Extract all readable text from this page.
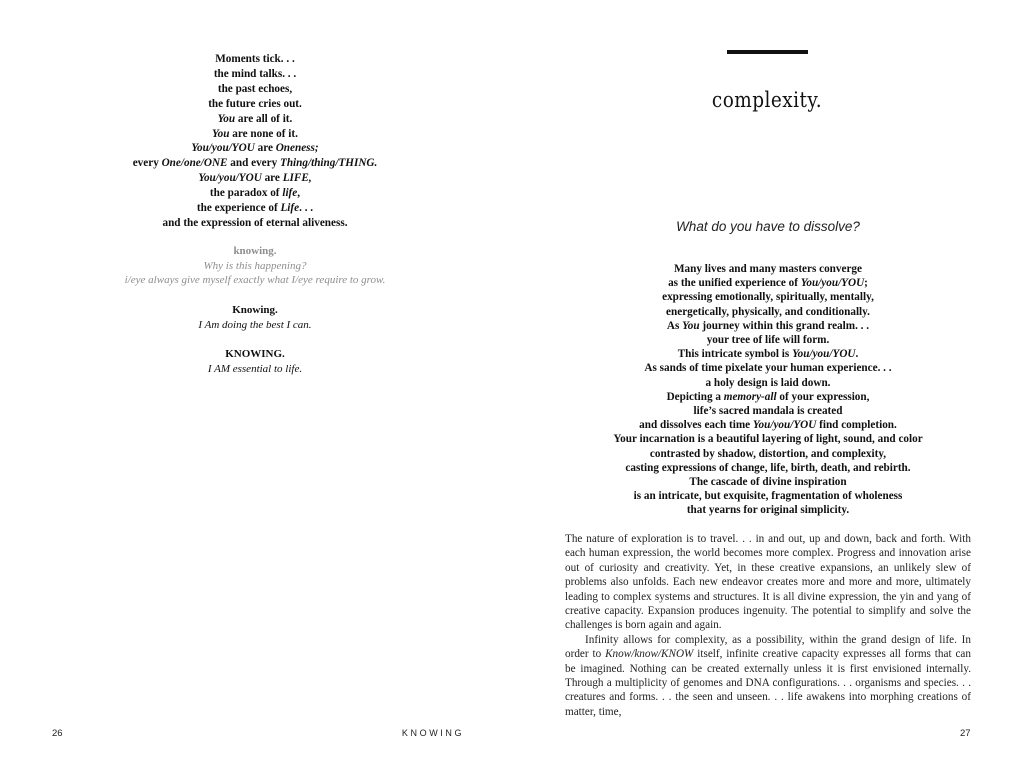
Moments tick. . .
the mind talks. . .
the past echoes,
the future cries out.
You are all of it.
You are none of it.
You/you/YOU are Oneness;
every One/one/ONE and every Thing/thing/THING.
You/you/YOU are LIFE,
the paradox of life,
the experience of Life. . .
and the expression of eternal aliveness.
knowing.
Why is this happening?
i/eye always give myself exactly what I/eye require to grow.
Knowing.
I Am doing the best I can.
KNOWING.
I AM essential to life.
26	KNOWING
complexity.
What do you have to dissolve?
Many lives and many masters converge
as the unified experience of You/you/YOU;
expressing emotionally, spiritually, mentally,
energetically, physically, and conditionally.
As You journey within this grand realm. . .
your tree of life will form.
This intricate symbol is You/you/YOU.
As sands of time pixelate your human experience. . .
a holy design is laid down.
Depicting a memory-all of your expression,
life’s sacred mandala is created
and dissolves each time You/you/YOU find completion.
Your incarnation is a beautiful layering of light, sound, and color
contrasted by shadow, distortion, and complexity,
casting expressions of change, life, birth, death, and rebirth.
The cascade of divine inspiration
is an intricate, but exquisite, fragmentation of wholeness
that yearns for original simplicity.

The nature of exploration is to travel. . . in and out, up and down, back and forth. With each human expression, the world becomes more complex. Progress and innovation arise out of curiosity and creativity. Yet, in these creative expansions, an unlikely slew of problems also unfolds. Each new endeavor creates more and more and more, ultimately leading to complex systems and structures. It is all divine expression, the yin and yang of creative capacity. Expansion produces ingenuity. The potential to simplify and solve the challenges is born again and again.

Infinity allows for complexity, as a possibility, within the grand design of life. In order to Know/know/KNOW itself, infinite creative capacity expresses all forms that can be imagined. Nothing can be created externally unless it is first envisioned internally. Through a multiplicity of genomes and DNA configurations. . . organisms and species. . . creatures and forms. . . the seen and unseen. . . life awakens into morphing creations of matter, time,

27
